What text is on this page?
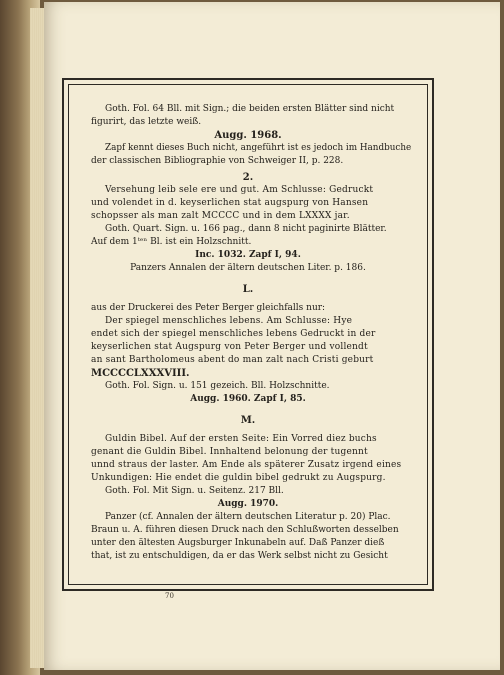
Goth. Fol. 64 Bll. mit Sign.; die beiden ersten Blätter sind nicht
figurirt, das letzte weiß.
Augg. 1968.
Zapf kennt dieses Buch nicht, angeführt ist es jedoch im Handbuche
der classischen Bibliographie von Schweiger II, p. 228.
2.
Versehung leib sele ere und gut. Am Schlusse: Gedruckt
und volendet in d. keyserlichen stat augspurg von Hansen
schopsser als man zalt MCCCC und in dem LXXXX jar.
Goth. Quart. Sign. u. 166 pag., dann 8 nicht paginirte Blätter.
Auf dem 1ᵗᵉⁿ Bl. ist ein Holzschnitt.
Inc. 1032. Zapf I, 94.
Panzers Annalen der ältern deutschen Liter. p. 186.
L.
aus der Druckerei des Peter Berger gleichfalls nur:
Der spiegel menschliches lebens. Am Schlusse: Hye
endet sich der spiegel menschliches lebens Gedruckt in der
keyserlichen stat Augspurg von Peter Berger und vollendt
an sant Bartholomeus abent do man zalt nach Cristi geburt
MCCCCLXXXVIII.
Goth. Fol. Sign. u. 151 gezeich. Bll. Holzschnitte.
Augg. 1960. Zapf I, 85.
M.
Guldin Bibel. Auf der ersten Seite: Ein Vorred diez buchs
genant die Guldin Bibel. Innhaltend belonung der tugennt
unnd straus der laster. Am Ende als späterer Zusatz irgend eines
Unkundigen: Hie endet die guldin bibel gedrukt zu Augspurg.
Goth. Fol. Mit Sign. u. Seitenz. 217 Bll.
Augg. 1970.
Panzer (cf. Annalen der ältern deutschen Literatur p. 20) Plac.
Braun u. A. führen diesen Druck nach den Schlußworten desselben
unter den ältesten Augsburger Inkunabeln auf. Daß Panzer dieß
that, ist zu entschuldigen, da er das Werk selbst nicht zu Gesicht
70
